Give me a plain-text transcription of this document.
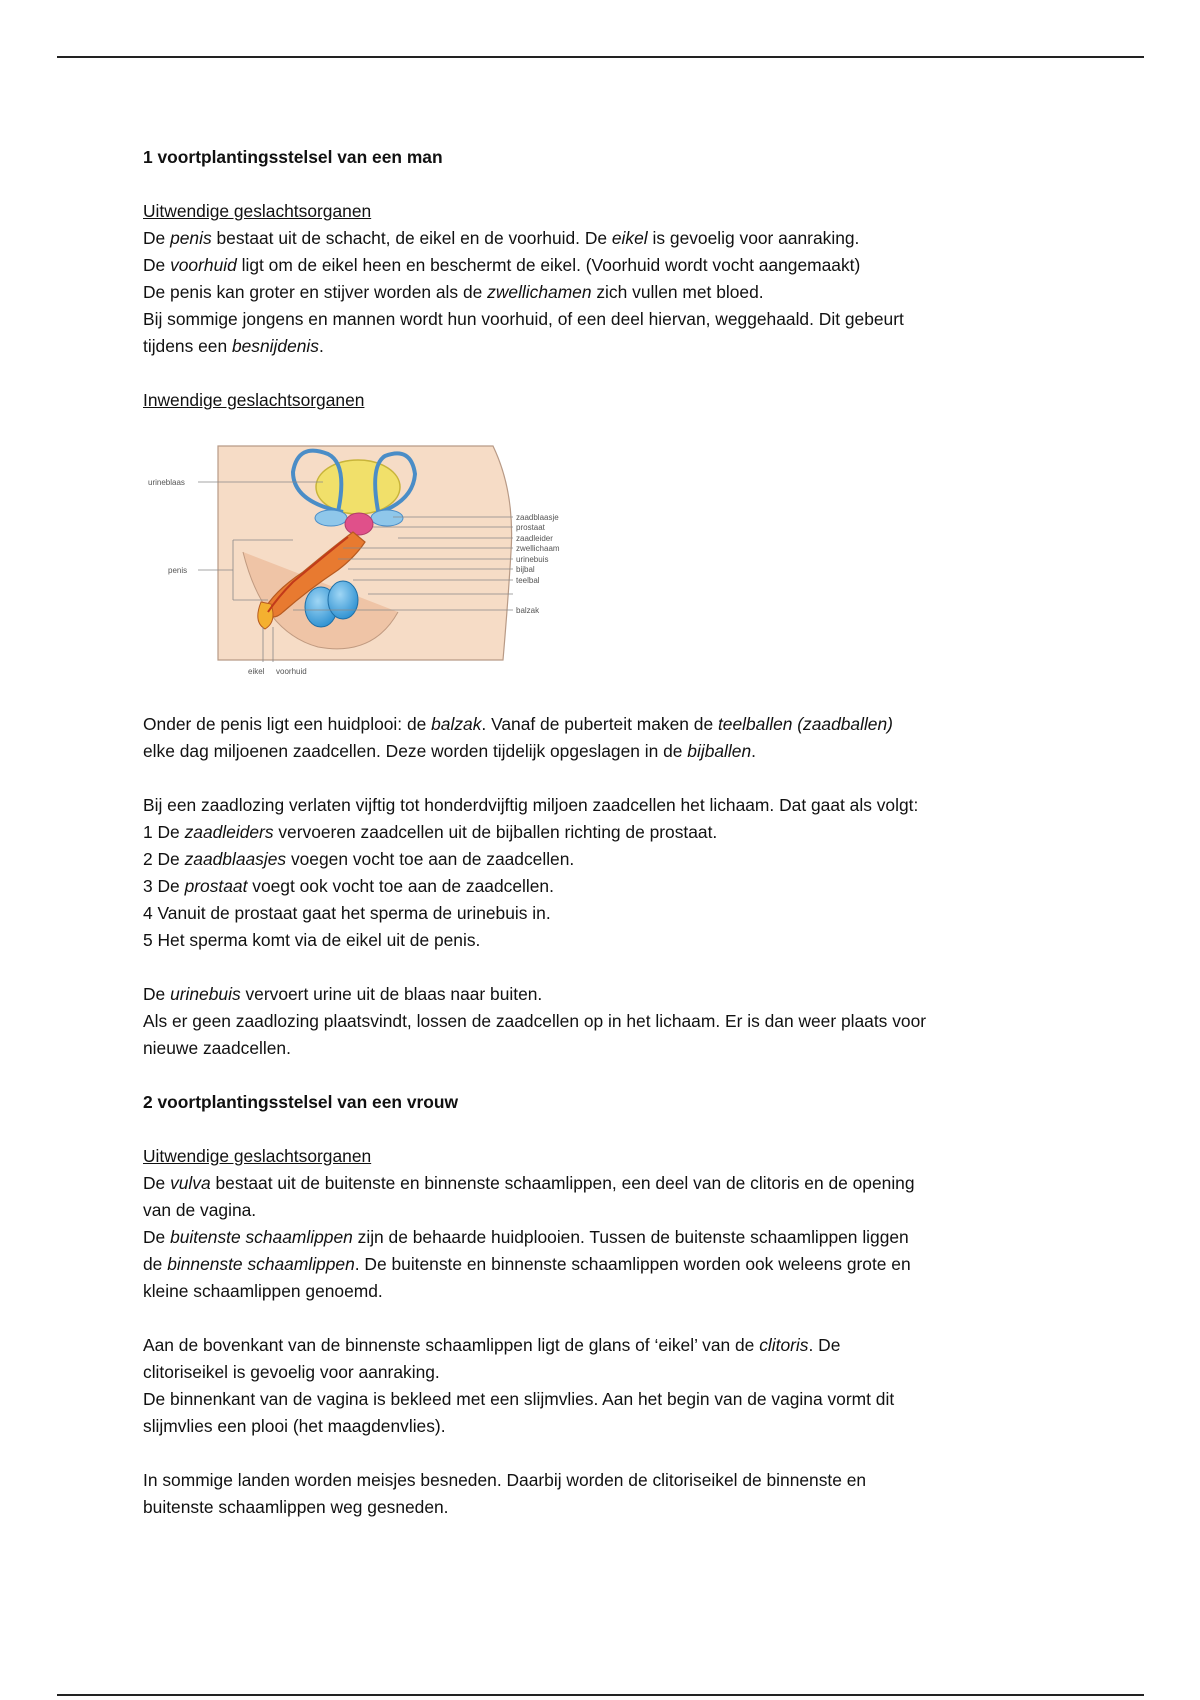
1 voortplantingsstelsel van een man

Uitwendige geslachtsorganen

De penis bestaat uit de schacht, de eikel en de voorhuid. De eikel is gevoelig voor aanraking.
De voorhuid ligt om de eikel heen en beschermt de eikel. (Voorhuid wordt vocht aangemaakt)
De penis kan groter en stijver worden als de zwellichamen zich vullen met bloed.
Bij sommige jongens en mannen wordt hun voorhuid, of een deel hiervan, weggehaald. Dit gebeurt
tijdens een besnijdenis.

Inwendige geslachtsorganen

urineblaas
penis
zaadblaasje
prostaat
zaadleider
zwellichaam
urinebuis
bijbal
teelbal
balzak
eikel voorhuid
Onder de penis ligt een huidplooi: de balzak. Vanaf de puberteit maken de teelballen (zaadballen)
elke dag miljoenen zaadcellen. Deze worden tijdelijk opgeslagen in de bijballen.
Bij een zaadlozing verlaten vijftig tot honderdvijftig miljoen zaadcellen het lichaam. Dat gaat als volgt:
1 De zaadleiders vervoeren zaadcellen uit de bijballen richting de prostaat.
2 De zaadblaasjes voegen vocht toe aan de zaadcellen.
3 De prostaat voegt ook vocht toe aan de zaadcellen.
4 Vanuit de prostaat gaat het sperma de urinebuis in.
5 Het sperma komt via de eikel uit de penis.
De urinebuis vervoert urine uit de blaas naar buiten.
Als er geen zaadlozing plaatsvindt, lossen de zaadcellen op in het lichaam. Er is dan weer plaats voor
nieuwe zaadcellen.

2 voortplantingsstelsel van een vrouw

Uitwendige geslachtsorganen

De vulva bestaat uit de buitenste en binnenste schaamlippen, een deel van de clitoris en de opening
van de vagina.
De buitenste schaamlippen zijn de behaarde huidplooien. Tussen de buitenste schaamlippen liggen
de binnenste schaamlippen. De buitenste en binnenste schaamlippen worden ook weleens grote en
kleine schaamlippen genoemd.
Aan de bovenkant van de binnenste schaamlippen ligt de glans of ‘eikel’ van de clitoris. De
clitoriseikel is gevoelig voor aanraking.
De binnenkant van de vagina is bekleed met een slijmvlies. Aan het begin van de vagina vormt dit
slijmvlies een plooi (het maagdenvlies).
In sommige landen worden meisjes besneden. Daarbij worden de clitoriseikel de binnenste en
buitenste schaamlippen weg gesneden.
